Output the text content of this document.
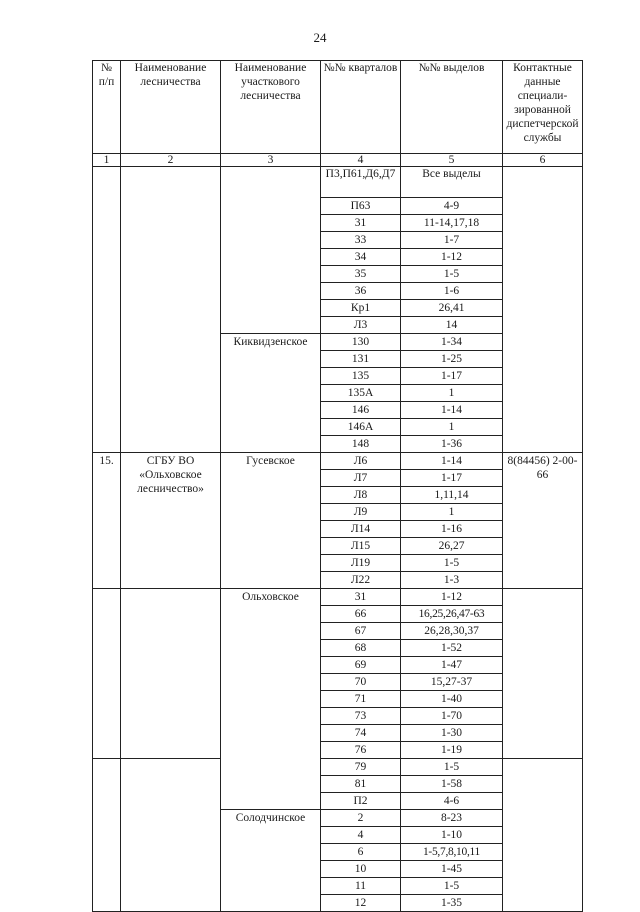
24
№ п/п	Наименование лесничества	Наименование участкового лесничества	№№ кварталов	№№ выделов	Контактные данные специали-зированной диспетчерской службы
1	2	3	4	5	6
			П3,П61,Д6,Д7	Все выделы	
			П63	4-9	
			31	11-14,17,18	
			33	1-7	
			34	1-12	
			35	1-5	
			36	1-6	
			Кр1	26,41	
			Л3	14	
		Киквидзенское	130	1-34	
			131	1-25	
			135	1-17	
			135А	1	
			146	1-14	
			146А	1	
			148	1-36	
15.	СГБУ ВО «Ольховское лесничество»	Гусевское	Л6	1-14	8(84456) 2-00-66
			Л7	1-17	
			Л8	1,11,14	
			Л9	1	
			Л14	1-16	
			Л15	26,27	
			Л19	1-5	
			Л22	1-3	
		Ольховское	31	1-12	
			66	16,25,26,47-63	
			67	26,28,30,37	
			68	1-52	
			69	1-47	
			70	15,27-37	
			71	1-40	
			73	1-70	
			74	1-30	
			76	1-19	
			79	1-5	
			81	1-58	
			П2	4-6	
		Солодчинское	2	8-23	
			4	1-10	
			6	1-5,7,8,10,11	
			10	1-45	
			11	1-5	
			12	1-35	
